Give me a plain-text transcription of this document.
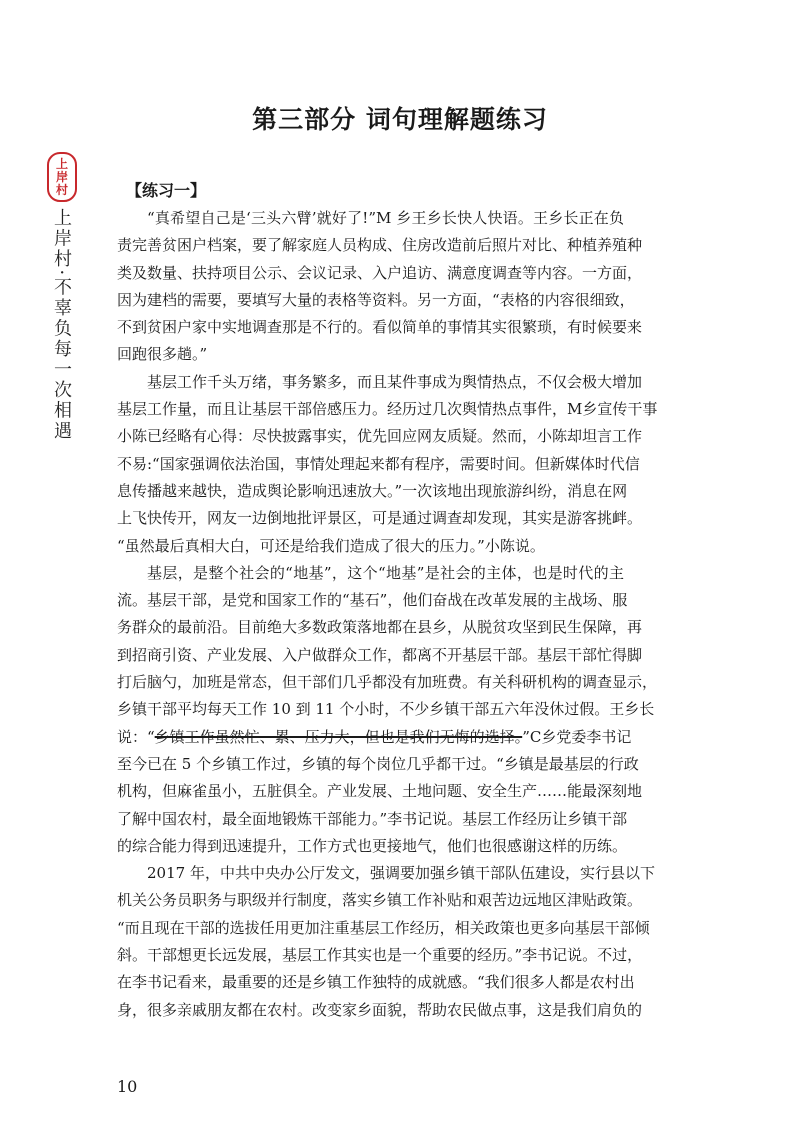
第三部分 词句理解题练习
上
岸
村
上岸村·不辜负每一次相遇
【练习一】
“真希望自己是‘三头六臂’就好了!”M 乡王乡长快人快语。王乡长正在负
责完善贫困户档案，要了解家庭人员构成、住房改造前后照片对比、种植养殖种
类及数量、扶持项目公示、会议记录、入户追访、满意度调查等内容。一方面，
因为建档的需要，要填写大量的表格等资料。另一方面，“表格的内容很细致，
不到贫困户家中实地调查那是不行的。看似简单的事情其实很繁琐，有时候要来
回跑很多趟。”
基层工作千头万绪，事务繁多，而且某件事成为舆情热点，不仅会极大增加
基层工作量，而且让基层干部倍感压力。经历过几次舆情热点事件，M乡宣传干事
小陈已经略有心得：尽快披露事实，优先回应网友质疑。然而，小陈却坦言工作
不易:“国家强调依法治国，事情处理起来都有程序，需要时间。但新媒体时代信
息传播越来越快，造成舆论影响迅速放大。”一次该地出现旅游纠纷，消息在网
上飞快传开，网友一边倒地批评景区，可是通过调查却发现，其实是游客挑衅。
“虽然最后真相大白，可还是给我们造成了很大的压力。”小陈说。
基层，是整个社会的“地基”，这个“地基”是社会的主体，也是时代的主
流。基层干部，是党和国家工作的“基石”，他们奋战在改革发展的主战场、服
务群众的最前沿。目前绝大多数政策落地都在县乡，从脱贫攻坚到民生保障，再
到招商引资、产业发展、入户做群众工作，都离不开基层干部。基层干部忙得脚
打后脑勺，加班是常态，但干部们几乎都没有加班费。有关科研机构的调查显示，
乡镇干部平均每天工作 10 到 11 个小时，不少乡镇干部五六年没休过假。王乡长
说：“乡镇工作虽然忙、累、压力大，但也是我们无悔的选择。”C乡党委李书记
至今已在 5 个乡镇工作过，乡镇的每个岗位几乎都干过。“乡镇是最基层的行政
机构，但麻雀虽小，五脏俱全。产业发展、土地问题、安全生产……能最深刻地
了解中国农村，最全面地锻炼干部能力。”李书记说。基层工作经历让乡镇干部
的综合能力得到迅速提升，工作方式也更接地气，他们也很感谢这样的历练。
2017 年，中共中央办公厅发文，强调要加强乡镇干部队伍建设，实行县以下
机关公务员职务与职级并行制度，落实乡镇工作补贴和艰苦边远地区津贴政策。
“而且现在干部的选拔任用更加注重基层工作经历，相关政策也更多向基层干部倾
斜。干部想更长远发展，基层工作其实也是一个重要的经历。”李书记说。不过，
在李书记看来，最重要的还是乡镇工作独特的成就感。“我们很多人都是农村出
身，很多亲戚朋友都在农村。改变家乡面貌，帮助农民做点事，这是我们肩负的
10
